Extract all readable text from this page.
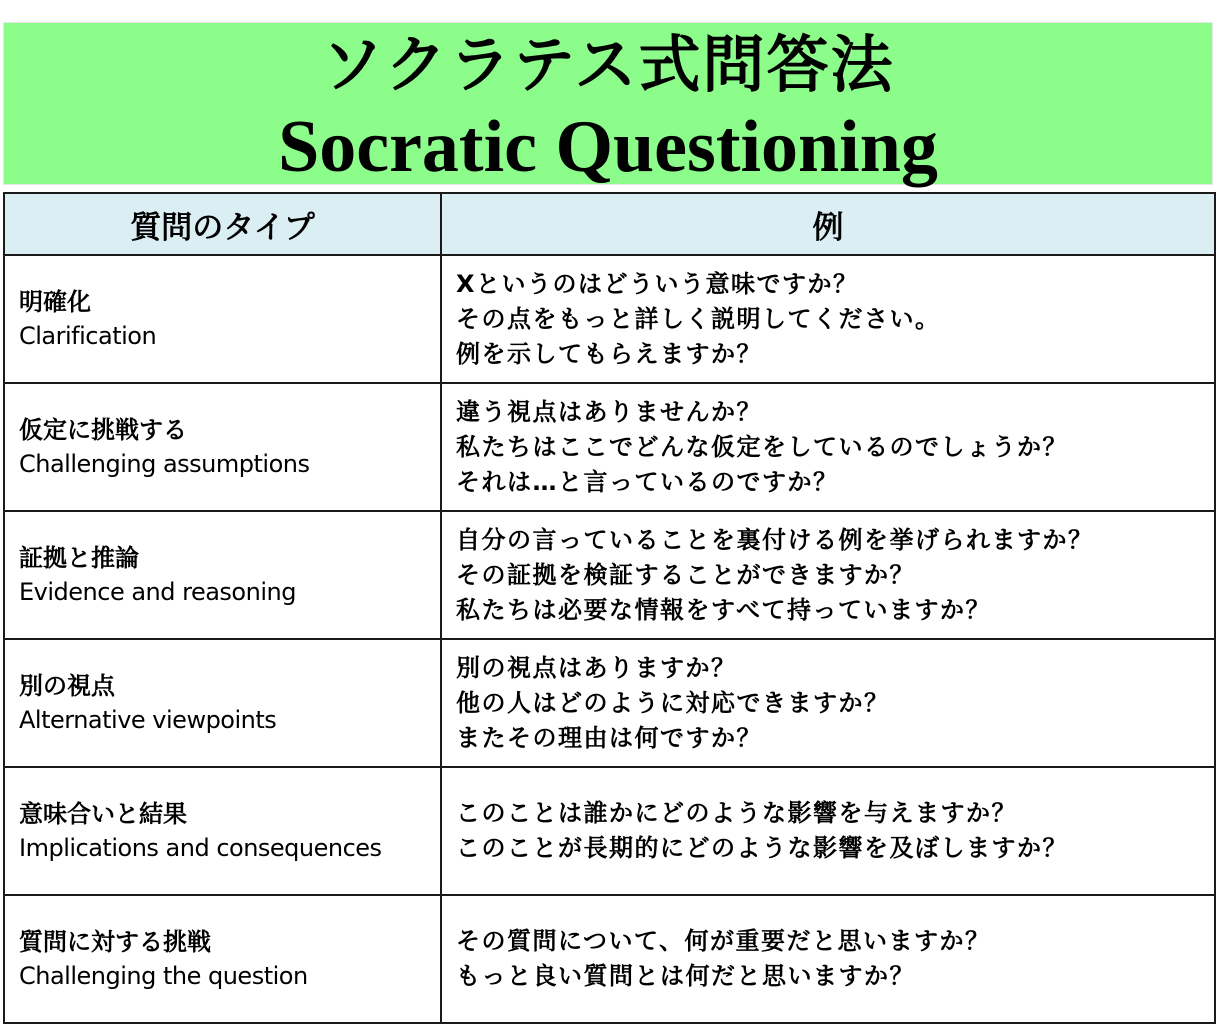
ソクラテス式問答法
Socratic Questioning
質問のタイプ	例

明確化
Clarification	Xというのはどういう意味ですか？
その点をもっと詳しく説明してください。
例を示してもらえますか？

仮定に挑戦する
Challenging assumptions	違う視点はありませんか？
私たちはここでどんな仮定をしているのでしょうか？
それは…と言っているのですか？

証拠と推論
Evidence and reasoning	自分の言っていることを裏付ける例を挙げられますか？
その証拠を検証することができますか？
私たちは必要な情報をすべて持っていますか？

別の視点
Alternative viewpoints	別の視点はありますか？
他の人はどのように対応できますか？
またその理由は何ですか？

意味合いと結果
Implications and consequences	このことは誰かにどのような影響を与えますか？
このことが長期的にどのような影響を及ぼしますか？

質問に対する挑戦
Challenging the question	その質問について、何が重要だと思いますか？
もっと良い質問とは何だと思いますか？
